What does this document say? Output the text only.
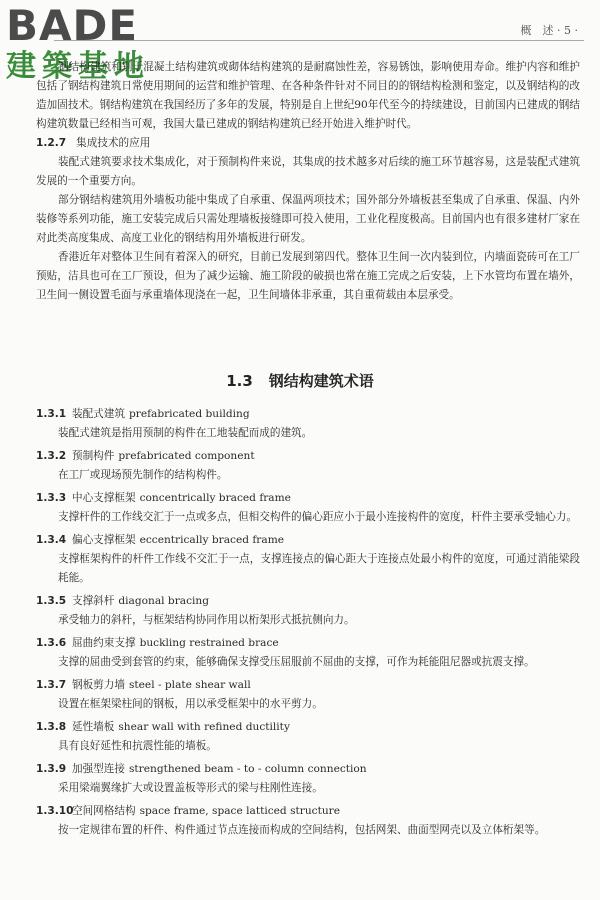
BADE
建築基地
概　述 · 5 ·

钢结构建筑和别于混凝土结构建筑或砌体结构建筑的是耐腐蚀性差，容易锈蚀，影响使用寿命。维护内容和维护包括了钢结构建筑日常使用期间的运营和维护管理、在各种条件针对不同目的的钢结构检测和鉴定，以及钢结构的改造加固技术。钢结构建筑在我国经历了多年的发展，特别是自上世纪90年代至今的持续建设，目前国内已建成的钢结构建筑数量已经相当可观，我国大量已建成的钢结构建筑已经开始进入维护时代。

1.2.7 集成技术的应用

装配式建筑要求技术集成化，对于预制构件来说，其集成的技术越多对后续的施工环节越容易，这是装配式建筑发展的一个重要方向。

部分钢结构建筑用外墙板功能中集成了自承重、保温两项技术；国外部分外墙板甚至集成了自承重、保温、内外装修等系列功能，施工安装完成后只需处理墙板接缝即可投入使用，工业化程度极高。目前国内也有很多建材厂家在对此类高度集成、高度工业化的钢结构用外墙板进行研发。

香港近年对整体卫生间有着深入的研究，目前已发展到第四代。整体卫生间一次内装到位，内墙面瓷砖可在工厂预贴，洁具也可在工厂预设，但为了减少运输、施工阶段的破损也常在施工完成之后安装，上下水管均布置在墙外，卫生间一侧设置毛面与承重墙体现浇在一起，卫生间墙体非承重，其自重荷载由本层承受。

1.3 钢结构建筑术语

1.3.1 装配式建筑 prefabricated building

装配式建筑是指用预制的构件在工地装配而成的建筑。

1.3.2 预制构件 prefabricated component

在工厂或现场预先制作的结构构件。

1.3.3 中心支撑框架 concentrically braced frame

支撑杆件的工作线交汇于一点或多点，但相交构件的偏心距应小于最小连接构件的宽度，杆件主要承受轴心力。

1.3.4 偏心支撑框架 eccentrically braced frame

支撑框架构件的杆件工作线不交汇于一点，支撑连接点的偏心距大于连接点处最小构件的宽度，可通过消能梁段耗能。

1.3.5 支撑斜杆 diagonal bracing

承受轴力的斜杆，与框架结构协同作用以桁架形式抵抗侧向力。

1.3.6 屈曲约束支撑 buckling restrained brace

支撑的屈曲受到套管的约束，能够确保支撑受压屈服前不屈曲的支撑，可作为耗能阻尼器或抗震支撑。

1.3.7 钢板剪力墙 steel - plate shear wall

设置在框架梁柱间的钢板，用以承受框架中的水平剪力。

1.3.8 延性墙板 shear wall with refined ductility

具有良好延性和抗震性能的墙板。

1.3.9 加强型连接 strengthened beam - to - column connection

采用梁端翼缘扩大或设置盖板等形式的梁与柱刚性连接。

1.3.10空间网格结构 space frame, space latticed structure

按一定规律布置的杆件、构件通过节点连接而构成的空间结构，包括网架、曲面型网壳以及立体桁架等。
